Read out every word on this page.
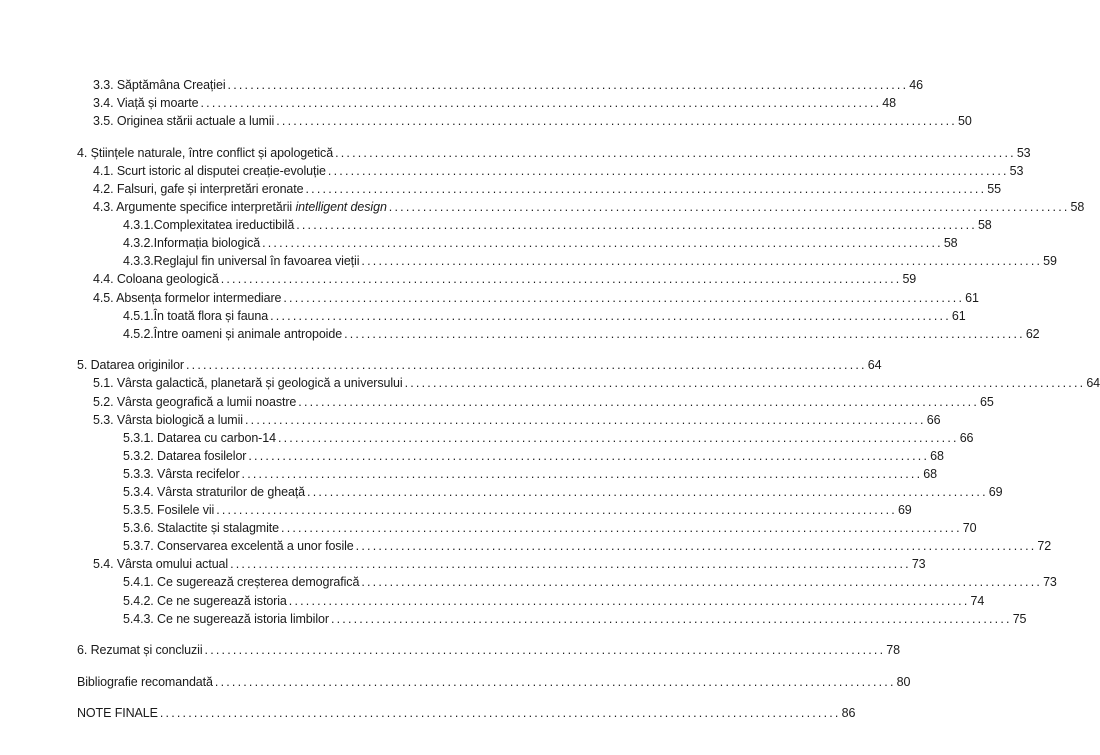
3.3. Săptămâna Creației ........................................................................................................................ 46
3.4. Viață și moarte ........................................................................................................................ 48
3.5. Originea stării actuale a lumii ........................................................................................................................ 50
4. Științele naturale, între conflict și apologetică ........................................................................................................................ 53
4.1. Scurt istoric al disputei creație-evoluție ........................................................................................................................ 53
4.2. Falsuri, gafe și interpretări eronate ........................................................................................................................ 55
4.3. Argumente specifice interpretării intelligent design ........................................................................................................................ 58
4.3.1.Complexitatea ireductibilă ........................................................................................................................ 58
4.3.2.Informația biologică ........................................................................................................................ 58
4.3.3.Reglajul fin universal în favoarea vieții ........................................................................................................................ 59
4.4. Coloana geologică ........................................................................................................................ 59
4.5. Absența formelor intermediare ........................................................................................................................ 61
4.5.1.În toată flora și fauna ........................................................................................................................ 61
4.5.2.Între oameni și animale antropoide ........................................................................................................................ 62
5. Datarea originilor ........................................................................................................................ 64
5.1. Vârsta galactică, planetară și geologică a universului ........................................................................................................................ 64
5.2. Vârsta geografică a lumii noastre ........................................................................................................................ 65
5.3. Vârsta biologică a lumii ........................................................................................................................ 66
5.3.1. Datarea cu carbon-14 ........................................................................................................................ 66
5.3.2. Datarea fosilelor ........................................................................................................................ 68
5.3.3. Vârsta recifelor ........................................................................................................................ 68
5.3.4. Vârsta straturilor de gheață ........................................................................................................................ 69
5.3.5. Fosilele vii ........................................................................................................................ 69
5.3.6. Stalactite și stalagmite ........................................................................................................................ 70
5.3.7. Conservarea excelentă a unor fosile ........................................................................................................................ 72
5.4. Vârsta omului actual ........................................................................................................................ 73
5.4.1. Ce sugerează creșterea demografică ........................................................................................................................ 73
5.4.2. Ce ne sugerează istoria ........................................................................................................................ 74
5.4.3. Ce ne sugerează istoria limbilor ........................................................................................................................ 75
6. Rezumat și concluzii ........................................................................................................................ 78
Bibliografie recomandată ........................................................................................................................ 80
NOTE FINALE ........................................................................................................................ 86
